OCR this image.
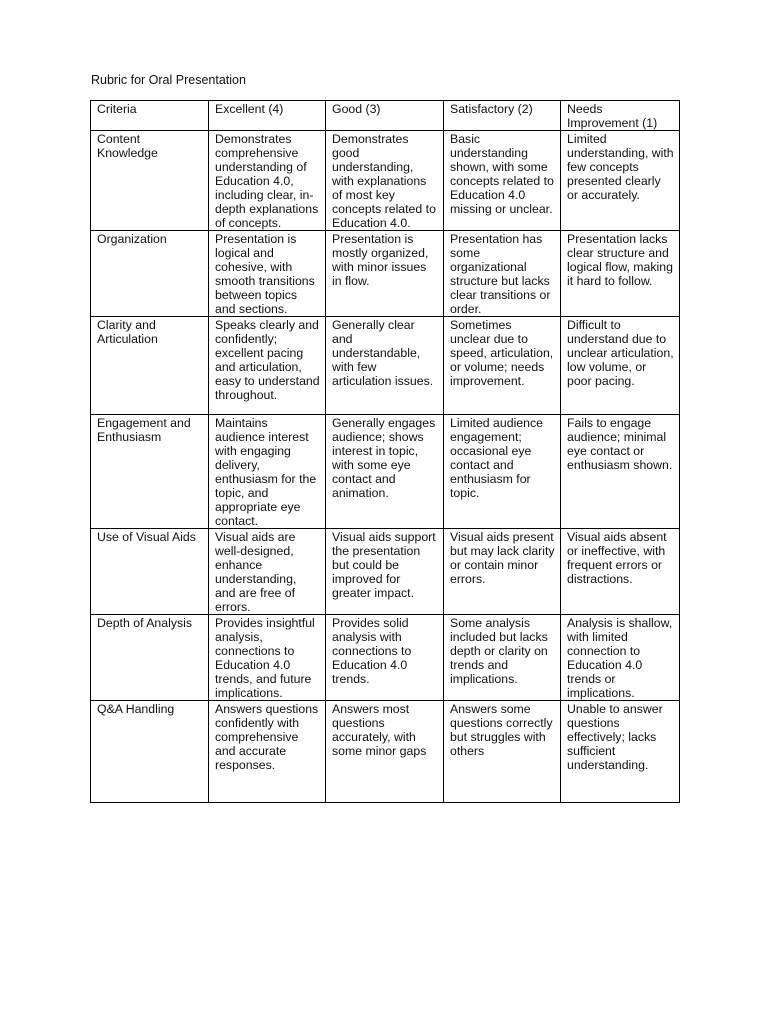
Rubric for Oral Presentation
Criteria	Excellent (4)	Good (3)	Satisfactory (2)	Needs Improvement (1)
Content Knowledge	Demonstrates comprehensive understanding of Education 4.0, including clear, in-depth explanations of concepts.	Demonstrates good understanding, with explanations of most key concepts related to Education 4.0.	Basic understanding shown, with some concepts related to Education 4.0 missing or unclear.	Limited understanding, with few concepts presented clearly or accurately.
Organization	Presentation is logical and cohesive, with smooth transitions between topics and sections.	Presentation is mostly organized, with minor issues in flow.	Presentation has some organizational structure but lacks clear transitions or order.	Presentation lacks clear structure and logical flow, making it hard to follow.
Clarity and Articulation	Speaks clearly and confidently; excellent pacing and articulation, easy to understand throughout.	Generally clear and understandable, with few articulation issues.	Sometimes unclear due to speed, articulation, or volume; needs improvement.	Difficult to understand due to unclear articulation, low volume, or poor pacing.
Engagement and Enthusiasm	Maintains audience interest with engaging delivery, enthusiasm for the topic, and appropriate eye contact.	Generally engages audience; shows interest in topic, with some eye contact and animation.	Limited audience engagement; occasional eye contact and enthusiasm for topic.	Fails to engage audience; minimal eye contact or enthusiasm shown.
Use of Visual Aids	Visual aids are well-designed, enhance understanding, and are free of errors.	Visual aids support the presentation but could be improved for greater impact.	Visual aids present but may lack clarity or contain minor errors.	Visual aids absent or ineffective, with frequent errors or distractions.
Depth of Analysis	Provides insightful analysis, connections to Education 4.0 trends, and future implications.	Provides solid analysis with connections to Education 4.0 trends.	Some analysis included but lacks depth or clarity on trends and implications.	Analysis is shallow, with limited connection to Education 4.0 trends or implications.
Q&A Handling	Answers questions confidently with comprehensive and accurate responses.	Answers most questions accurately, with some minor gaps	Answers some questions correctly but struggles with others	Unable to answer questions effectively; lacks sufficient understanding.
